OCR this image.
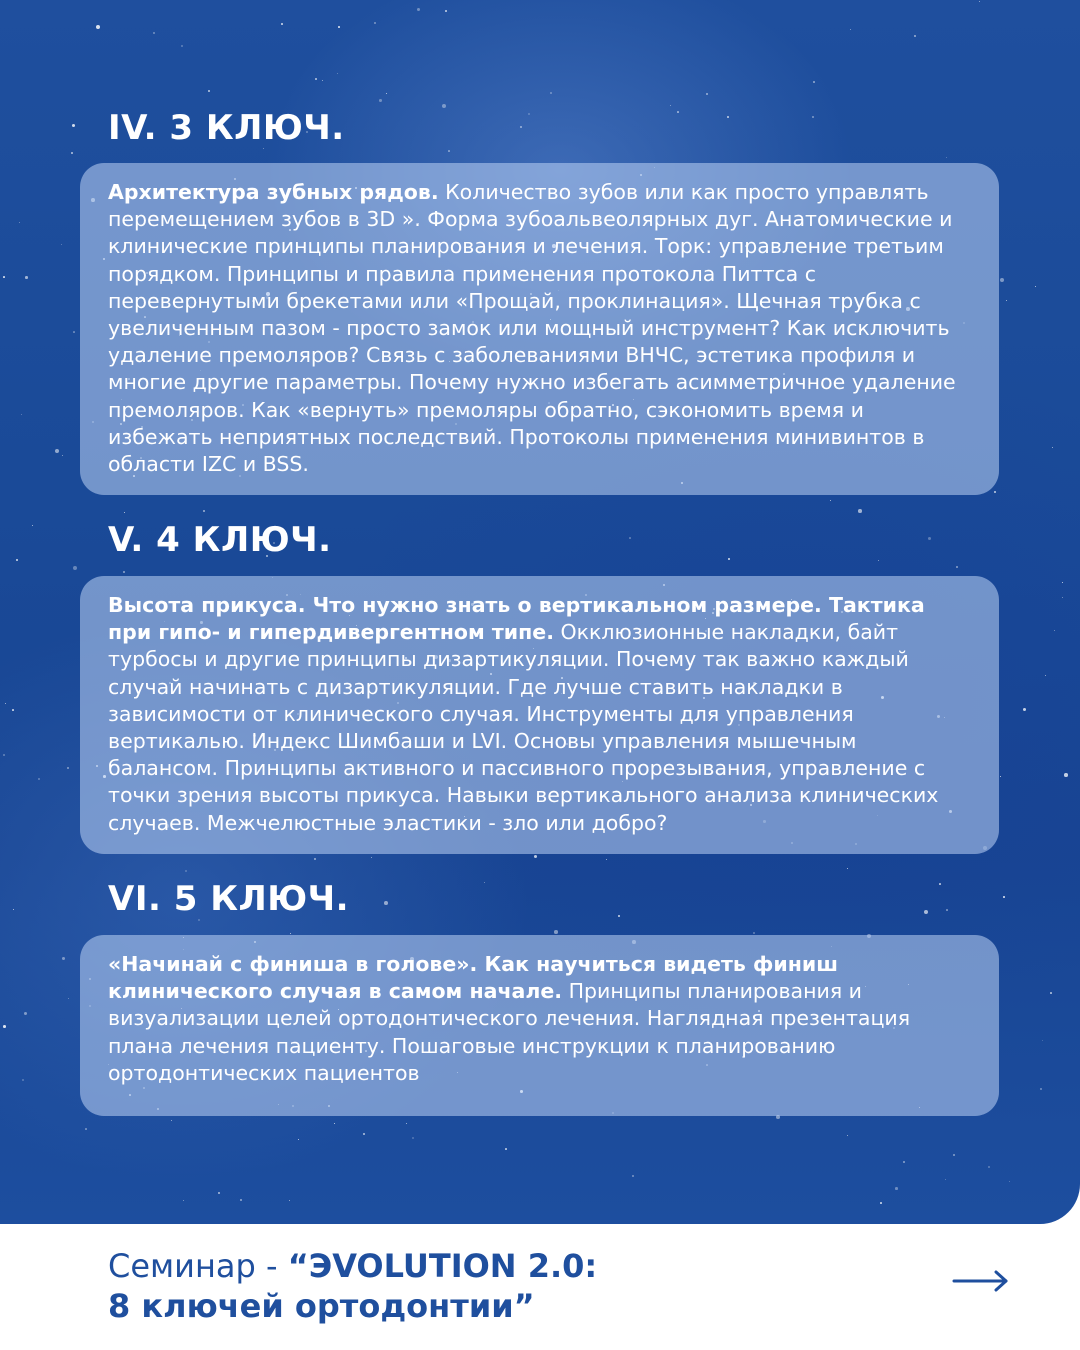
IV. 3 КЛЮЧ.
Архитектура зубных рядов. Количество зубов или как просто управлять перемещением зубов в 3D ». Форма зубоальвеолярных дуг. Анатомические и клинические принципы планирования и лечения. Торк: управление третьим порядком. Принципы и правила применения протокола Питтса с перевернутыми брекетами или «Прощай, проклинация». Щечная трубка с увеличенным пазом - просто замок или мощный инструмент? Как исключить удаление премоляров? Связь с заболеваниями ВНЧС, эстетика профиля и многие другие параметры. Почему нужно избегать асимметричное удаление премоляров. Как «вернуть» премоляры обратно, сэкономить время и избежать неприятных последствий. Протоколы применения минивинтов в области IZC и BSS.
V. 4 КЛЮЧ.
Высота прикуса. Что нужно знать о вертикальном размере. Тактика при гипо- и гипердивергентном типе. Окклюзионные накладки, байт турбосы и другие принципы дизартикуляции. Почему так важно каждый случай начинать с дизартикуляции. Где лучше ставить накладки в зависимости от клинического случая. Инструменты для управления вертикалью. Индекс Шимбаши и LVI. Основы управления мышечным балансом. Принципы активного и пассивного прорезывания, управление с точки зрения высоты прикуса. Навыки вертикального анализа клинических случаев. Межчелюстные эластики - зло или добро?
VI. 5 КЛЮЧ.
«Начинай с финиша в голове». Как научиться видеть финиш клинического случая в самом начале. Принципы планирования и визуализации целей ортодонтического лечения. Наглядная презентация плана лечения пациенту. Пошаговые инструкции к планированию ортодонтических пациентов
Семинар - “ЭVOLUTION 2.0:
8 ключей ортодонтии”
